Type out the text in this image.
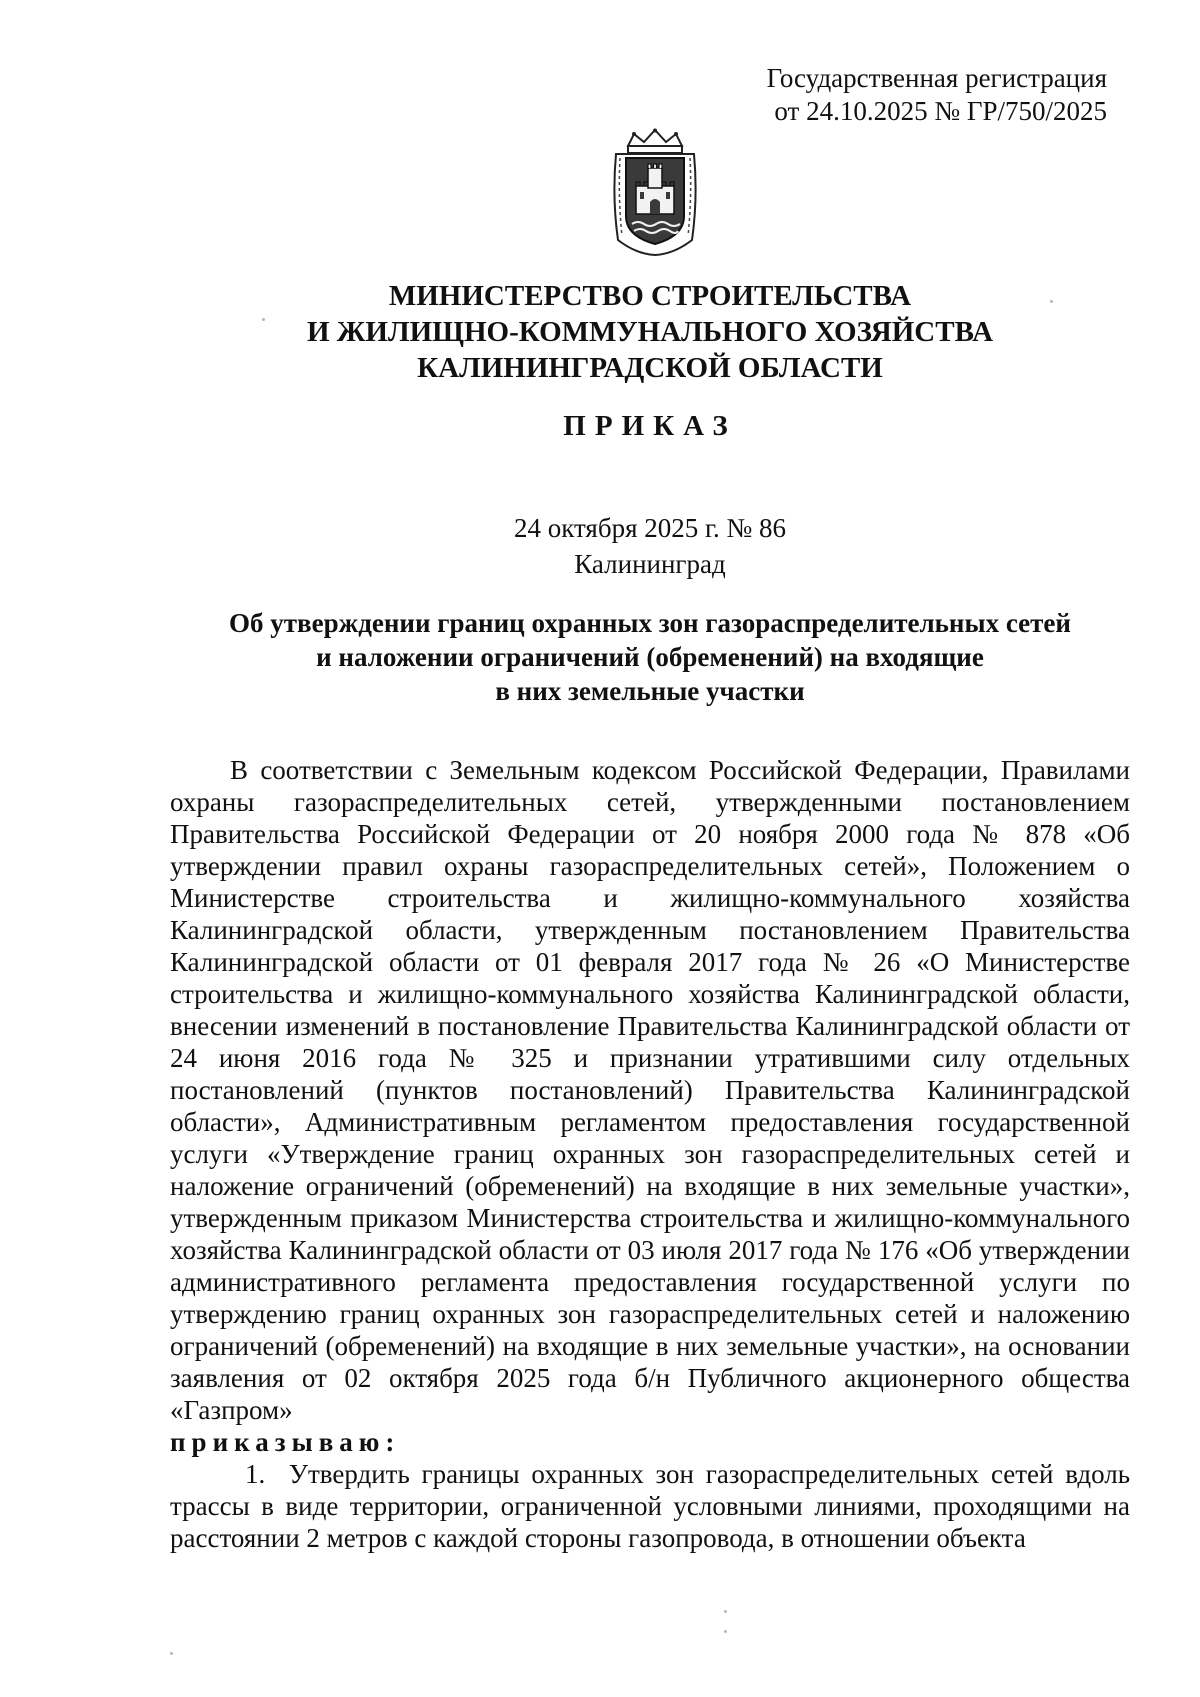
Государственная регистрация
от 24.10.2025 № ГР/750/2025
МИНИСТЕРСТВО СТРОИТЕЛЬСТВА
И ЖИЛИЩНО-КОММУНАЛЬНОГО ХОЗЯЙСТВА
КАЛИНИНГРАДСКОЙ ОБЛАСТИ
ПРИКАЗ
24 октября 2025 г. № 86
Калининград
Об утверждении границ охранных зон газораспределительных сетей
и наложении ограничений (обременений) на входящие
в них земельные участки

В соответствии с Земельным кодексом Российской Федерации, Правилами охраны газораспределительных сетей, утвержденными постановлением Правительства Российской Федерации от 20 ноября 2000 года № 878 «Об утверждении правил охраны газораспределительных сетей», Положением о Министерстве строительства и жилищно-коммунального хозяйства Калининградской области, утвержденным постановлением Правительства Калининградской области от 01 февраля 2017 года № 26 «О Министерстве строительства и жилищно-коммунального хозяйства Калининградской области, внесении изменений в постановление Правительства Калининградской области от 24 июня 2016 года № 325 и признании утратившими силу отдельных постановлений (пунктов постановлений) Правительства Калининградской области», Административным регламентом предоставления государственной услуги «Утверждение границ охранных зон газораспределительных сетей и наложение ограничений (обременений) на входящие в них земельные участки», утвержденным приказом Министерства строительства и жилищно-коммунального хозяйства Калининградской области от 03 июля 2017 года № 176 «Об утверждении административного регламента предоставления государственной услуги по утверждению границ охранных зон газораспределительных сетей и наложению ограничений (обременений) на входящие в них земельные участки», на основании заявления от 02 октября 2025 года б/н Публичного акционерного общества «Газпром»

приказываю:

1. Утвердить границы охранных зон газораспределительных сетей вдоль трассы в виде территории, ограниченной условными линиями, проходящими на расстоянии 2 метров с каждой стороны газопровода, в отношении объекта
